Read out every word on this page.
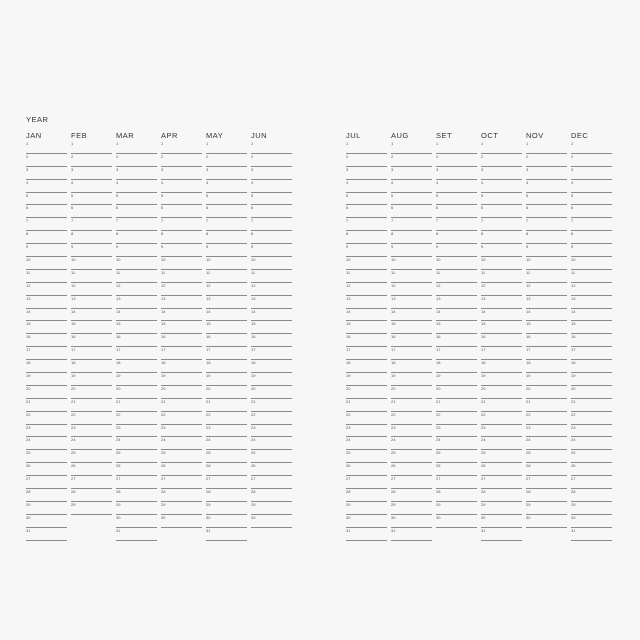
YEAR
JAN
1
2
3
4
5
6
7
8
9
10
11
12
13
14
15
16
17
18
19
20
21
22
23
24
25
26
27
28
29
30
31
FEB
1
2
3
4
5
6
7
8
9
10
11
12
13
14
15
16
17
18
19
20
21
22
23
24
25
26
27
28
29
MAR
1
2
3
4
5
6
7
8
9
10
11
12
13
14
15
16
17
18
19
20
21
22
23
24
25
26
27
28
29
30
31
APR
1
2
3
4
5
6
7
8
9
10
11
12
13
14
15
16
17
18
19
20
21
22
23
24
25
26
27
28
29
30
MAY
1
2
3
4
5
6
7
8
9
10
11
12
13
14
15
16
17
18
19
20
21
22
23
24
25
26
27
28
29
30
31
JUN
1
2
3
4
5
6
7
8
9
10
11
12
13
14
15
16
17
18
19
20
21
22
23
24
25
26
27
28
29
30
JUL
1
2
3
4
5
6
7
8
9
10
11
12
13
14
15
16
17
18
19
20
21
22
23
24
25
26
27
28
29
30
31
AUG
1
2
3
4
5
6
7
8
9
10
11
12
13
14
15
16
17
18
19
20
21
22
23
24
25
26
27
28
29
30
31
SET
1
2
3
4
5
6
7
8
9
10
11
12
13
14
15
16
17
18
19
20
21
22
23
24
25
26
27
28
29
30
OCT
1
2
3
4
5
6
7
8
9
10
11
12
13
14
15
16
17
18
19
20
21
22
23
24
25
26
27
28
29
30
31
NOV
1
2
3
4
5
6
7
8
9
10
11
12
13
14
15
16
17
18
19
20
21
22
23
24
25
26
27
28
29
30
DEC
1
2
3
4
5
6
7
8
9
10
11
12
13
14
15
16
17
18
19
20
21
22
23
24
25
26
27
28
29
30
31
